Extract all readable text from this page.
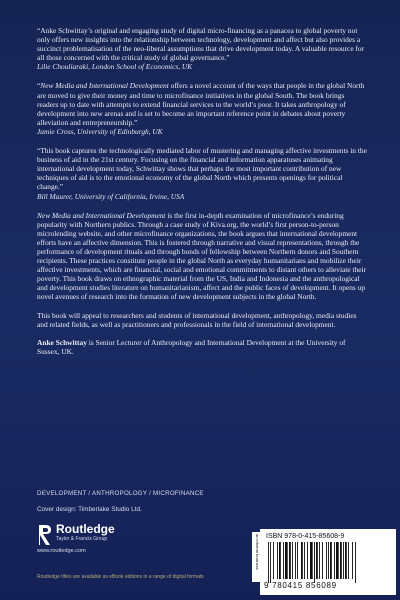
“Anke Schwittay’s original and engaging study of digital micro-financing as a panacea to global poverty not only offers new insights into the relationship between technology, development and affect but also provides a succinct problematisation of the neo-liberal assumptions that drive development today. A valuable resource for all those concerned with the critical study of global governance.”

Lilie Chouliaraki, London School of Economics, UK

“New Media and International Development offers a novel account of the ways that people in the global North are moved to give their money and time to microfinance initiatives in the global South. The book brings readers up to date with attempts to extend financial services to the world’s poor. It takes anthropology of development into new arenas and is set to become an important reference point in debates about poverty alleviation and entrepreneurship.”

Jamie Cross, University of Edinburgh, UK

“This book captures the technologically mediated labor of mustering and managing affective investments in the business of aid in the 21st century. Focusing on the financial and information apparatuses animating international development today, Schwittay shows that perhaps the most important contribution of new techniques of aid is to the emotional economy of the global North which presents openings for political change.”

Bill Maurer, University of California, Irvine, USA

New Media and International Development is the first in-depth examination of microfinance’s enduring popularity with Northern publics. Through a case study of Kiva.org, the world’s first person-to-person microlending website, and other microfinance organizations, the book argues that international development efforts have an affective dimension. This is fostered through narrative and visual representations, through the performance of development rituals and through bonds of fellowship between Northern donors and Southern recipients. These practices constitute people in the global North as everyday humanitarians and mobilize their affective investments, which are financial, social and emotional commitments to distant others to alleviate their poverty. This book draws on ethnographic material from the US, India and Indonesia and the anthropological and development studies literature on humanitarianism, affect and the public faces of development. It opens up novel avenues of research into the formation of new development subjects in the global North.

This book will appeal to researchers and students of international development, anthropology, media studies and related fields, as well as practitioners and professionals in the field of international development.

Anke Schwittay is Senior Lecturer of Anthropology and International Development at the University of Sussex, UK.

DEVELOPMENT / ANTHROPOLOGY / MICROFINANCE
Cover design: Timberlake Studio Ltd.
Routledge
Taylor & Francis Group
www.routledge.com
Routledge titles are available as eBook editions in a range of digital formats
an informa business ISBN 978-0-415-85608-9
9 780415 856089
